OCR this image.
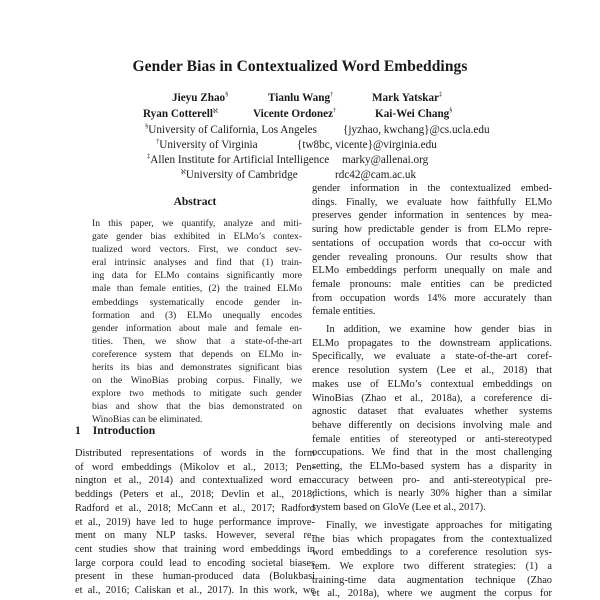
Gender Bias in Contextualized Word Embeddings
Jieyu Zhao§	Tianlu Wang†	Mark Yatskar‡
Ryan Cotterell$^ℵ$	Vicente Ordonez†	Kai-Wei Chang§
§University of California, Los Angeles {jyzhao, kwchang}@cs.ucla.edu
†University of Virginia	{tw8bc, vicente}@virginia.edu
‡Allen Institute for Artificial Intelligence marky@allenai.org
$^ℵ$University of Cambridge	rdc42@cam.ac.uk
Abstract
In this paper, we quantify, analyze and miti-
gate gender bias exhibited in ELMo’s contex-
tualized word vectors. First, we conduct sev-
eral intrinsic analyses and find that (1) train-
ing data for ELMo contains significantly more
male than female entities, (2) the trained ELMo
embeddings systematically encode gender in-
formation and (3) ELMo unequally encodes
gender information about male and female en-
tities. Then, we show that a state-of-the-art
coreference system that depends on ELMo in-
herits its bias and demonstrates significant bias
on the WinoBias probing corpus. Finally, we
explore two methods to mitigate such gender
bias and show that the bias demonstrated on
WinoBias can be eliminated.
1 Introduction
Distributed representations of words in the form
of word embeddings (Mikolov et al., 2013; Pen-
nington et al., 2014) and contextualized word em-
beddings (Peters et al., 2018; Devlin et al., 2018;
Radford et al., 2018; McCann et al., 2017; Radford
et al., 2019) have led to huge performance improve-
ment on many NLP tasks. However, several re-
cent studies show that training word embeddings in
large corpora could lead to encoding societal biases
present in these human-produced data (Bolukbasi
et al., 2016; Caliskan et al., 2017). In this work, we
gender information in the contextualized embed-
dings. Finally, we evaluate how faithfully ELMo
preserves gender information in sentences by mea-
suring how predictable gender is from ELMo repre-
sentations of occupation words that co-occur with
gender revealing pronouns. Our results show that
ELMo embeddings perform unequally on male and
female pronouns: male entities can be predicted
from occupation words 14% more accurately than
female entities.
In addition, we examine how gender bias in
ELMo propagates to the downstream applications.
Specifically, we evaluate a state-of-the-art coref-
erence resolution system (Lee et al., 2018) that
makes use of ELMo’s contextual embeddings on
WinoBias (Zhao et al., 2018a), a coreference di-
agnostic dataset that evaluates whether systems
behave differently on decisions involving male and
female entities of stereotyped or anti-stereotyped
occupations. We find that in the most challenging
setting, the ELMo-based system has a disparity in
accuracy between pro- and anti-stereotypical pre-
dictions, which is nearly 30% higher than a similar
system based on GloVe (Lee et al., 2017).
Finally, we investigate approaches for mitigating
the bias which propagates from the contextualized
word embeddings to a coreference resolution sys-
tem. We explore two different strategies: (1) a
training-time data augmentation technique (Zhao
et al., 2018a), where we augment the corpus for
